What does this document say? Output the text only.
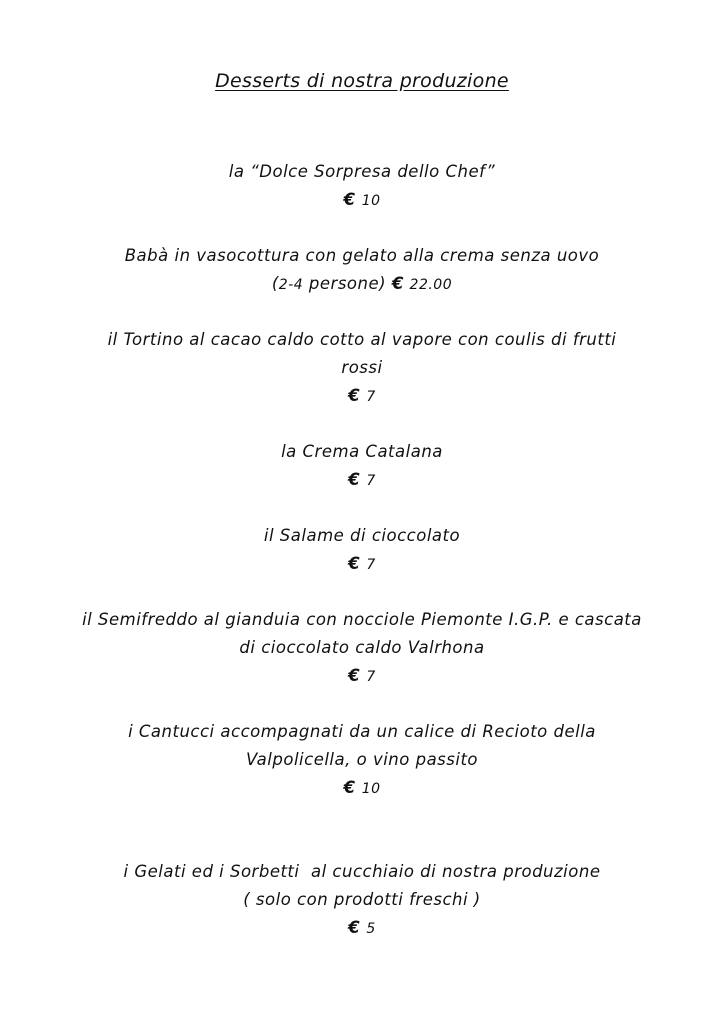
Desserts di nostra produzione
la “Dolce Sorpresa dello Chef”
€ 10
Babà in vasocottura con gelato alla crema senza uovo
(2-4 persone) € 22.00
il Tortino al cacao caldo cotto al vapore con coulis di frutti
rossi
€ 7
la Crema Catalana
€ 7
il Salame di cioccolato
€ 7
il Semifreddo al gianduia con nocciole Piemonte I.G.P. e cascata
di cioccolato caldo Valrhona
€ 7
i Cantucci accompagnati da un calice di Recioto della
Valpolicella, o vino passito
€ 10
i Gelati ed i Sorbetti  al cucchiaio di nostra produzione
( solo con prodotti freschi )
€ 5
